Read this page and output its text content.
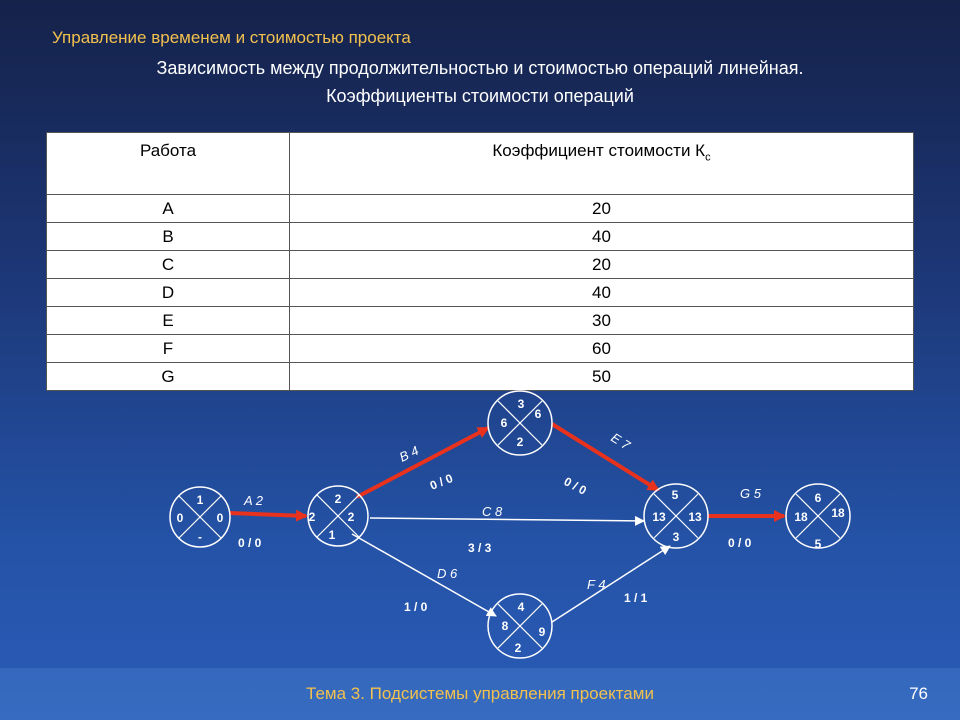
Управление временем и стоимостью проекта
Зависимость между продолжительностью и стоимостью операций линейная.
Коэффициенты стоимости операций
Работа	Коэффициент стоимости $К_с$
A	20
B	40
C	20
D	40
E	30
F	60
G	50
A 2
0 / 0
B 4
0 / 0
C 8
3 / 3
D 6
1 / 0
E 7
0 / 0
F 4
1 / 1
G 5
0 / 0
1
0	0
-
2
2	2
1
3
6
6
2
4
8	9
2
5
13 13
3
6
18 18
5
Тема 3. Подсистемы управления проектами	76
